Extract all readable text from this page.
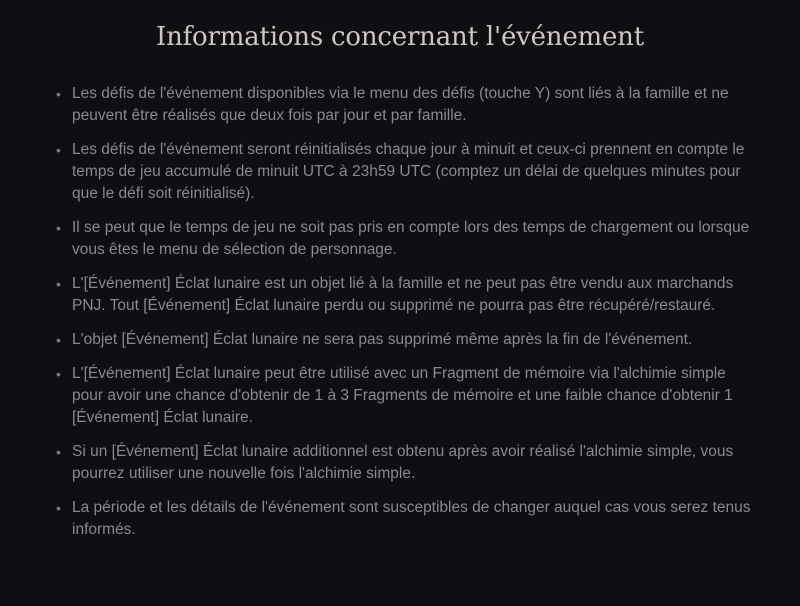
Informations concernant l'événement
• Les défis de l'événement disponibles via le menu des défis (touche Y) sont liés à la famille et ne peuvent être réalisés que deux fois par jour et par famille.
• Les défis de l'événement seront réinitialisés chaque jour à minuit et ceux-ci prennent en compte le temps de jeu accumulé de minuit UTC à 23h59 UTC (comptez un délai de quelques minutes pour que le défi soit réinitialisé).
• Il se peut que le temps de jeu ne soit pas pris en compte lors des temps de chargement ou lorsque vous êtes le menu de sélection de personnage.
• L'[Événement] Éclat lunaire est un objet lié à la famille et ne peut pas être vendu aux marchands PNJ. Tout [Événement] Éclat lunaire perdu ou supprimé ne pourra pas être récupéré/restauré.
• L'objet [Événement] Éclat lunaire ne sera pas supprimé même après la fin de l'événement.
• L'[Événement] Éclat lunaire peut être utilisé avec un Fragment de mémoire via l'alchimie simple pour avoir une chance d'obtenir de 1 à 3 Fragments de mémoire et une faible chance d'obtenir 1 [Événement] Éclat lunaire.
• Si un [Événement] Éclat lunaire additionnel est obtenu après avoir réalisé l'alchimie simple, vous pourrez utiliser une nouvelle fois l'alchimie simple.
• La période et les détails de l'événement sont susceptibles de changer auquel cas vous serez tenus informés.
